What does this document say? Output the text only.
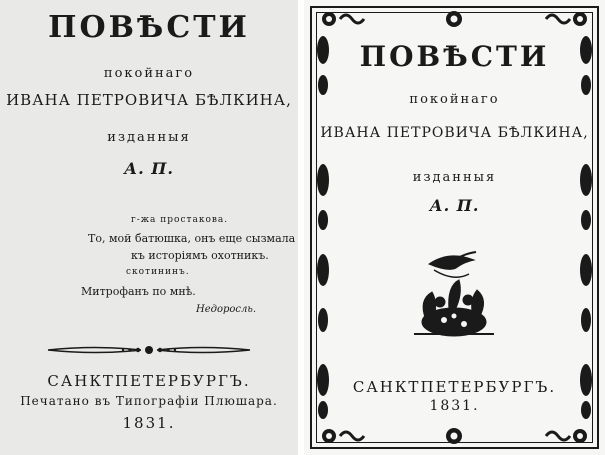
ПОВѢСТИ
покойнаго
ИВАНА ПЕТРОВИЧА БѢЛКИНА,
изданныя
А. П.
г-жа простакова.
То, мой батюшка, онъ еще сызмала
къ исторiямъ охотникъ.
скотининъ.
Митрофанъ по мнѣ.
Недоросль.
САНКТПЕТЕРБУРГЪ.
Печатано въ Типографiи Плюшара.
1831.
ПОВѢСТИ
покойнаго
ИВАНА ПЕТРОВИЧА БѢЛКИНА,
изданныя
А. П.
САНКТПЕТЕРБУРГЪ.
1831.
